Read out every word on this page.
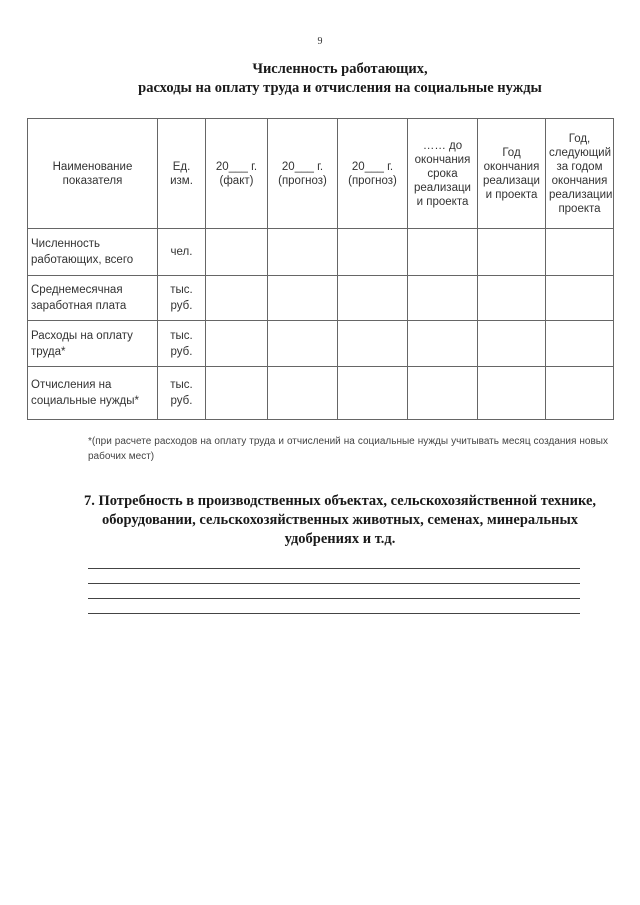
9
Численность работающих,
расходы на оплату труда и отчисления на социальные нужды
Наименование показателя	Ед. изм.	20___ г. (факт)	20___ г. (прогноз)	20___ г. (прогноз)	…… до окончания срока реализаци и проекта	Год окончания реализаци и проекта	Год, следующий за годом окончания реализации проекта
Численность работающих, всего	чел.						
Среднемесячная заработная плата	тыс. руб.						
Расходы на оплату труда*	тыс. руб.						
Отчисления на социальные нужды*	тыс. руб.						
*(при расчете расходов на оплату труда и отчислений на социальные нужды учитывать месяц создания новых рабочих мест)
7. Потребность в производственных объектах, сельскохозяйственной технике, оборудовании, сельскохозяйственных животных, семенах, минеральных удобрениях и т.д.
